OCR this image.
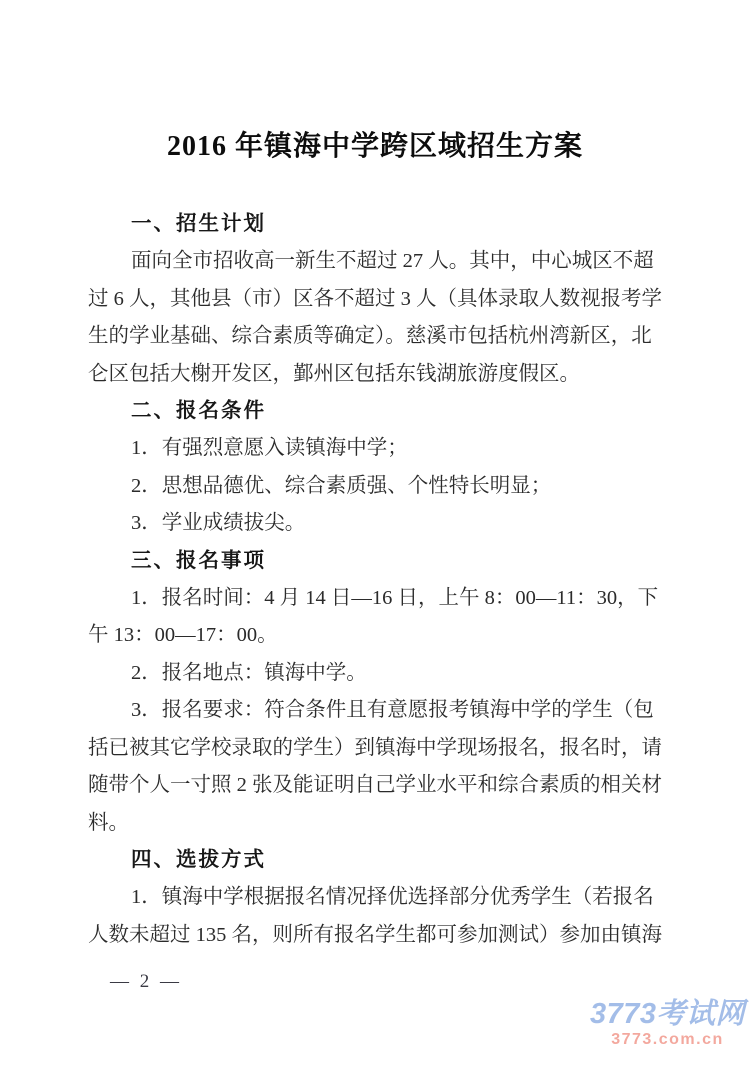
2016 年镇海中学跨区域招生方案
一、招生计划
面向全市招收高一新生不超过 27 人。其中，中心城区不超
过 6 人，其他县（市）区各不超过 3 人（具体录取人数视报考学
生的学业基础、综合素质等确定）。慈溪市包括杭州湾新区，北
仑区包括大榭开发区，鄞州区包括东钱湖旅游度假区。
二、报名条件
1．有强烈意愿入读镇海中学；
2．思想品德优、综合素质强、个性特长明显；
3．学业成绩拔尖。
三、报名事项
1．报名时间：4 月 14 日—16 日，上午 8：00—11：30，下
午 13：00—17：00。
2．报名地点：镇海中学。
3．报名要求：符合条件且有意愿报考镇海中学的学生（包
括已被其它学校录取的学生）到镇海中学现场报名，报名时，请
随带个人一寸照 2 张及能证明自己学业水平和综合素质的相关材
料。
四、选拔方式
1．镇海中学根据报名情况择优选择部分优秀学生（若报名
人数未超过 135 名，则所有报名学生都可参加测试）参加由镇海
— 2 —
3773考试网
3773.com.cn
